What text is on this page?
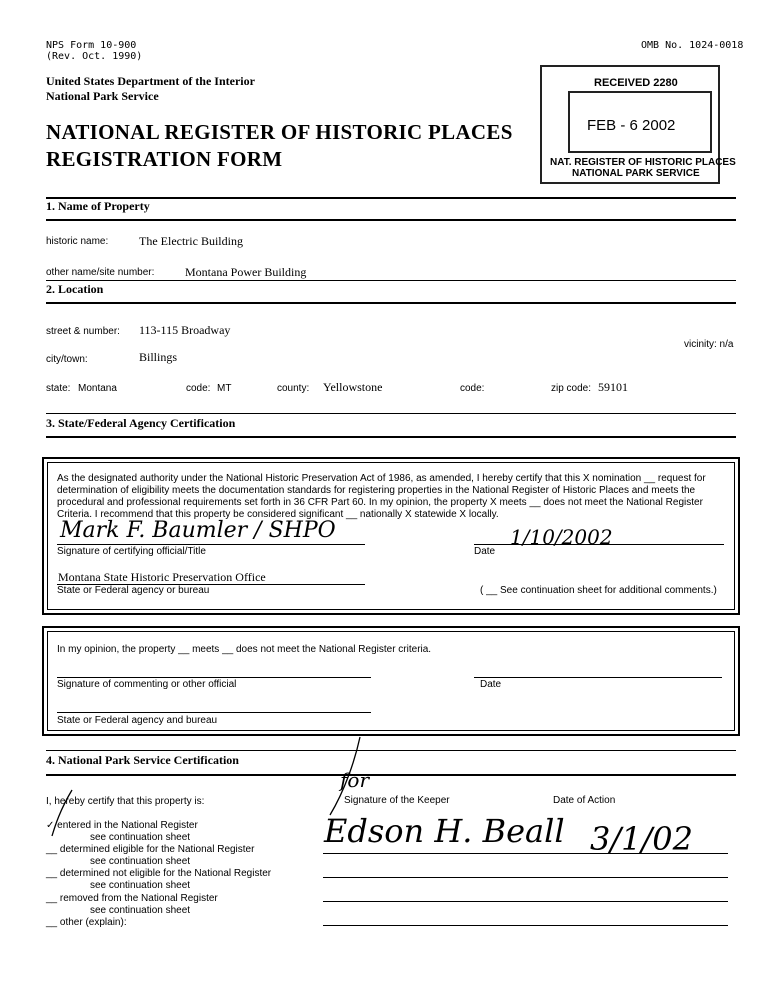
NPS Form 10-900
(Rev. Oct. 1990)
OMB No. 1024-0018
United States Department of the Interior
National Park Service
NATIONAL REGISTER OF HISTORIC PLACES
REGISTRATION FORM
RECEIVED 2280
FEB - 6 2002
NAT. REGISTER OF HISTORIC PLACES
NATIONAL PARK SERVICE
1. Name of Property
historic name:	The Electric Building
other name/site number:	Montana Power Building
2. Location
street & number: 113-115 Broadway
vicinity: n/a
city/town:	Billings
state: Montana	code: MT	county: Yellowstone	code:	zip code: 59101
3. State/Federal Agency Certification
As the designated authority under the National Historic Preservation Act of 1986, as amended, I hereby certify that this X nomination __ request for determination of eligibility meets the documentation standards for registering properties in the National Register of Historic Places and meets the procedural and professional requirements set forth in 36 CFR Part 60. In my opinion, the property X meets __ does not meet the National Register Criteria. I recommend that this property be considered significant __ nationally X statewide X locally.
Mark F. Baumler / SHPO
Signature of certifying official/Title
1/10/2002
Date
Montana State Historic Preservation Office
State or Federal agency or bureau	( __ See continuation sheet for additional comments.)
In my opinion, the property __ meets __ does not meet the National Register criteria.
Signature of commenting or other official	Date
State or Federal agency and bureau
4. National Park Service Certification
I, hereby certify that this property is:	Signature of the Keeper	Date of Action
✓ entered in the National Register
see continuation sheet
__ determined eligible for the National Register
see continuation sheet
__ determined not eligible for the National Register
see continuation sheet
__ removed from the National Register
see continuation sheet
__ other (explain):
for
Edson H. Beall 3/1/02
